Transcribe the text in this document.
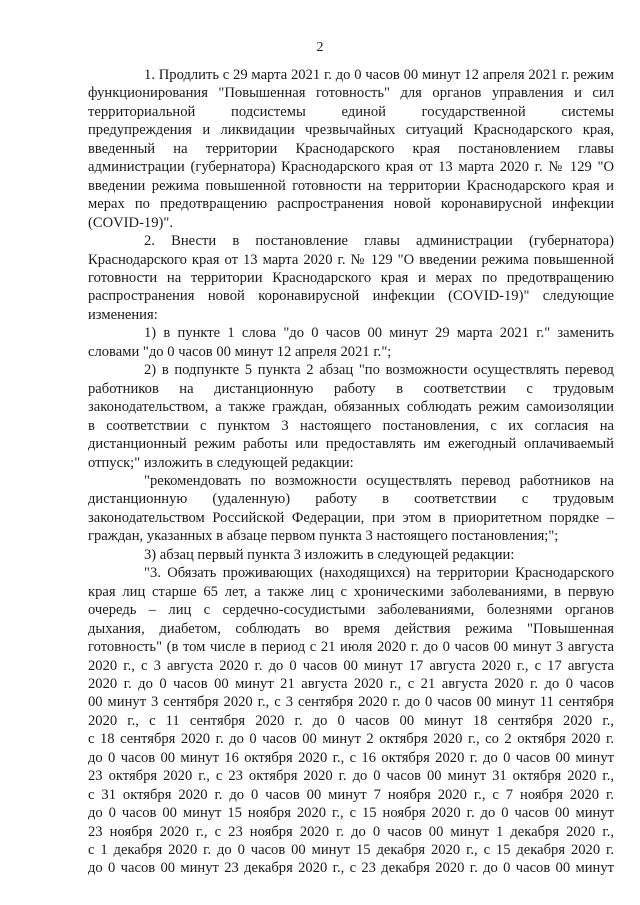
2
1. Продлить с 29 марта 2021 г. до 0 часов 00 минут 12 апреля 2021 г. режим
функционирования "Повышенная готовность" для органов управления и сил
территориальной подсистемы единой государственной системы
предупреждения и ликвидации чрезвычайных ситуаций Краснодарского края,
введенный на территории Краснодарского края постановлением главы
администрации (губернатора) Краснодарского края от 13 марта 2020 г. № 129 "О
введении режима повышенной готовности на территории Краснодарского края и
мерах по предотвращению распространения новой коронавирусной инфекции
(COVID-19)".
2. Внести в постановление главы администрации (губернатора)
Краснодарского края от 13 марта 2020 г. № 129 "О введении режима повышенной
готовности на территории Краснодарского края и мерах по предотвращению
распространения новой коронавирусной инфекции (COVID-19)" следующие
изменения:
1) в пункте 1 слова "до 0 часов 00 минут 29 марта 2021 г." заменить
словами "до 0 часов 00 минут 12 апреля 2021 г.";
2) в подпункте 5 пункта 2 абзац "по возможности осуществлять перевод
работников на дистанционную работу в соответствии с трудовым
законодательством, а также граждан, обязанных соблюдать режим самоизоляции
в соответствии с пунктом 3 настоящего постановления, с их согласия на
дистанционный режим работы или предоставлять им ежегодный оплачиваемый
отпуск;" изложить в следующей редакции:
"рекомендовать по возможности осуществлять перевод работников на
дистанционную (удаленную) работу в соответствии с трудовым
законодательством Российской Федерации, при этом в приоритетном порядке –
граждан, указанных в абзаце первом пункта 3 настоящего постановления;";
3) абзац первый пункта 3 изложить в следующей редакции:
"3. Обязать проживающих (находящихся) на территории Краснодарского
края лиц старше 65 лет, а также лиц с хроническими заболеваниями, в первую
очередь – лиц с сердечно-сосудистыми заболеваниями, болезнями органов
дыхания, диабетом, соблюдать во время действия режима "Повышенная
готовность" (в том числе в период с 21 июля 2020 г. до 0 часов 00 минут 3 августа
2020 г., с 3 августа 2020 г. до 0 часов 00 минут 17 августа 2020 г., с 17 августа
2020 г. до 0 часов 00 минут 21 августа 2020 г., с 21 августа 2020 г. до 0 часов
00 минут 3 сентября 2020 г., с 3 сентября 2020 г. до 0 часов 00 минут 11 сентября
2020 г., с 11 сентября 2020 г. до 0 часов 00 минут 18 сентября 2020 г.,
с 18 сентября 2020 г. до 0 часов 00 минут 2 октября 2020 г., со 2 октября 2020 г.
до 0 часов 00 минут 16 октября 2020 г., с 16 октября 2020 г. до 0 часов 00 минут
23 октября 2020 г., с 23 октября 2020 г. до 0 часов 00 минут 31 октября 2020 г.,
с 31 октября 2020 г. до 0 часов 00 минут 7 ноября 2020 г., с 7 ноября 2020 г.
до 0 часов 00 минут 15 ноября 2020 г., с 15 ноября 2020 г. до 0 часов 00 минут
23 ноября 2020 г., с 23 ноября 2020 г. до 0 часов 00 минут 1 декабря 2020 г.,
с 1 декабря 2020 г. до 0 часов 00 минут 15 декабря 2020 г., с 15 декабря 2020 г.
до 0 часов 00 минут 23 декабря 2020 г., с 23 декабря 2020 г. до 0 часов 00 минут
